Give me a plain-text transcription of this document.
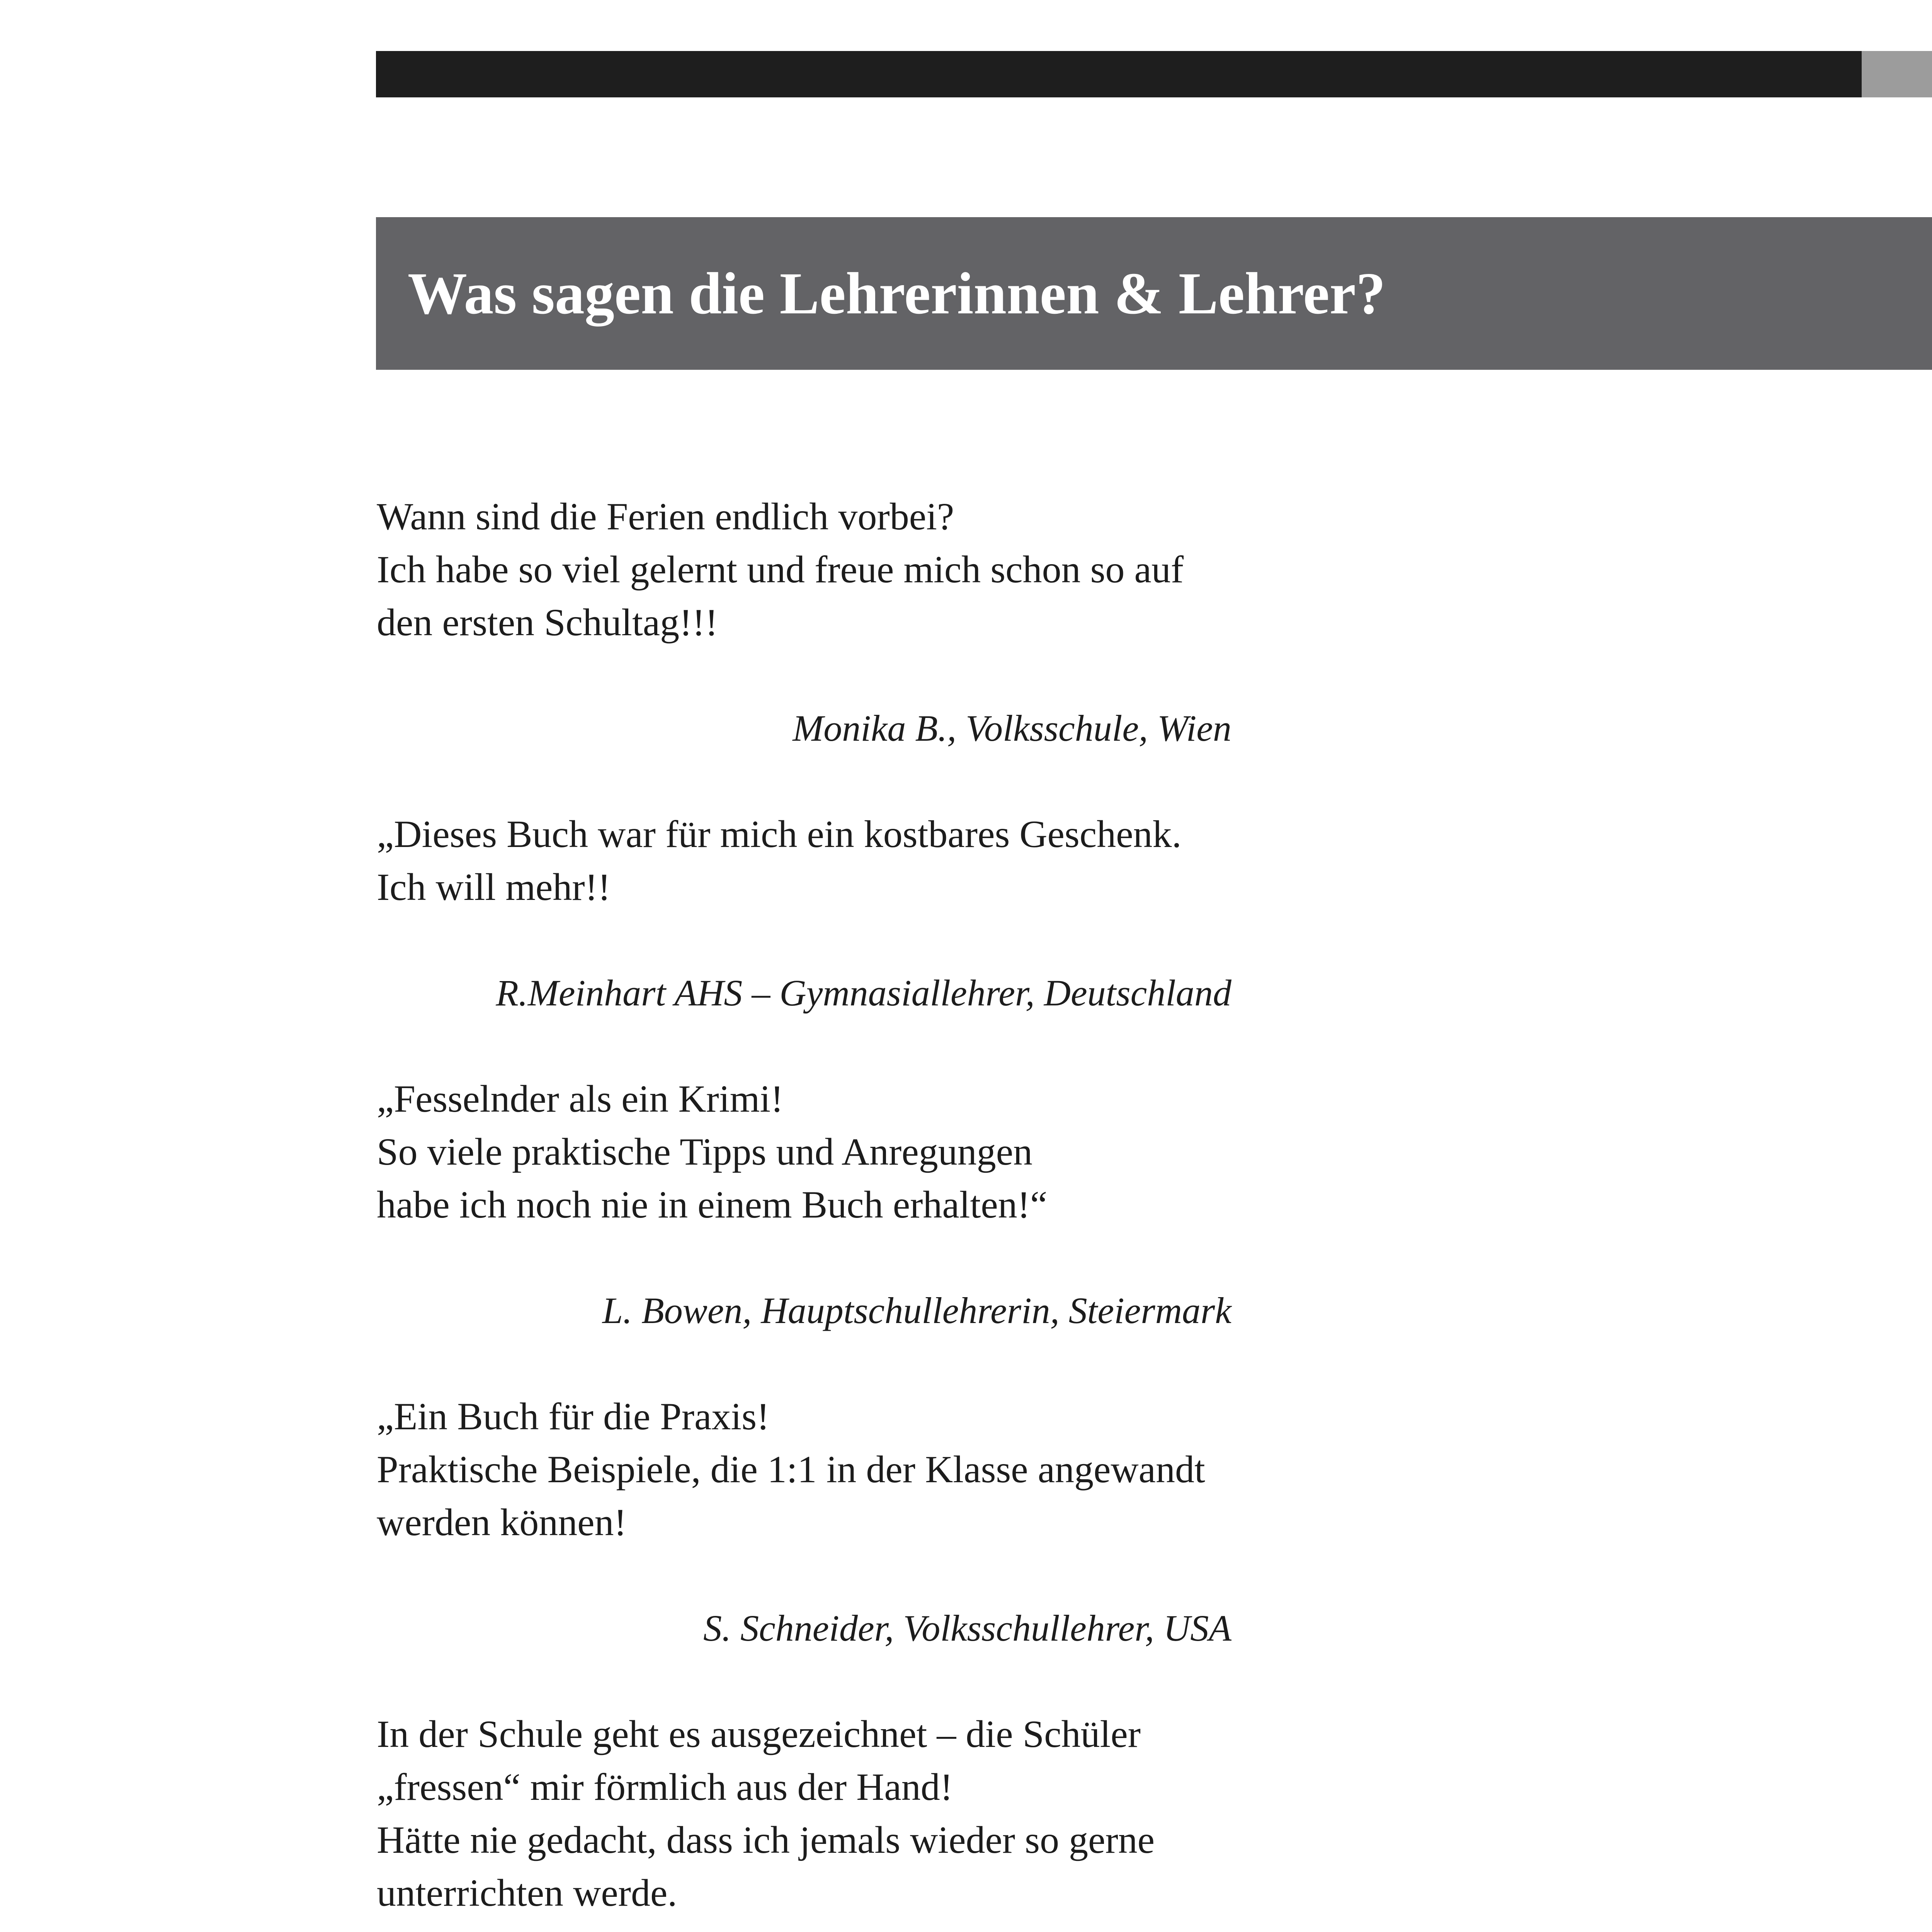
Was sagen die Lehrerinnen & Lehrer?

Wann sind die Ferien endlich vorbei?
Ich habe so viel gelernt und freue mich schon so auf
den ersten Schultag!!!

Monika B., Volksschule, Wien

„Dieses Buch war für mich ein kostbares Geschenk.
Ich will mehr!!

R.Meinhart AHS – Gymnasiallehrer, Deutschland

„Fesselnder als ein Krimi!
So viele praktische Tipps und Anregungen
habe ich noch nie in einem Buch erhalten!“

L. Bowen, Hauptschullehrerin, Steiermark

„Ein Buch für die Praxis!
Praktische Beispiele, die 1:1 in der Klasse angewandt
werden können!

S. Schneider, Volksschullehrer, USA

In der Schule geht es ausgezeichnet – die Schüler
„fressen“ mir förmlich aus der Hand!
Hätte nie gedacht, dass ich jemals wieder so gerne
unterrichten werde.
